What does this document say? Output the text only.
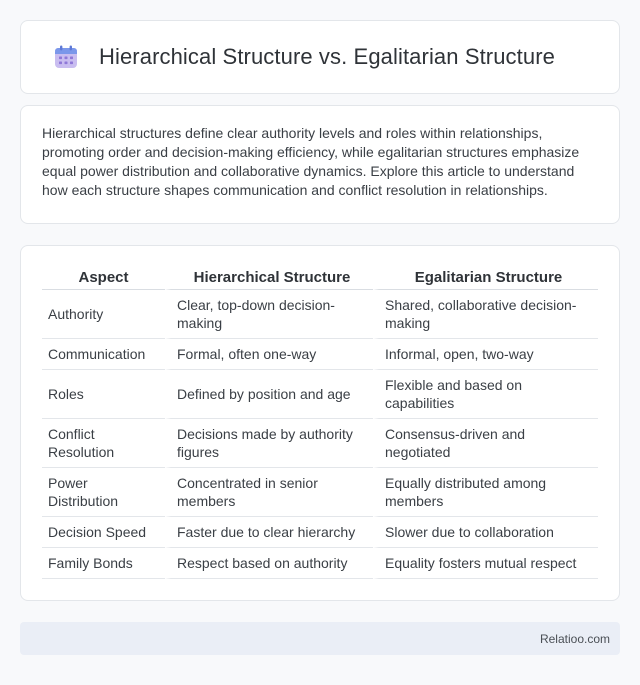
Hierarchical Structure vs. Egalitarian Structure

Hierarchical structures define clear authority levels and roles within relationships, promoting order and decision-making efficiency, while egalitarian structures emphasize equal power distribution and collaborative dynamics. Explore this article to understand how each structure shapes communication and conflict resolution in relationships.

Aspect	Hierarchical Structure	Egalitarian Structure
Authority	Clear, top-down decision-making	Shared, collaborative decision-making
Communication	Formal, often one-way	Informal, open, two-way
Roles	Defined by position and age	Flexible and based on capabilities
Conflict Resolution	Decisions made by authority figures	Consensus-driven and negotiated
Power Distribution	Concentrated in senior members	Equally distributed among members
Decision Speed	Faster due to clear hierarchy	Slower due to collaboration
Family Bonds	Respect based on authority	Equality fosters mutual respect
Relatioo.com
